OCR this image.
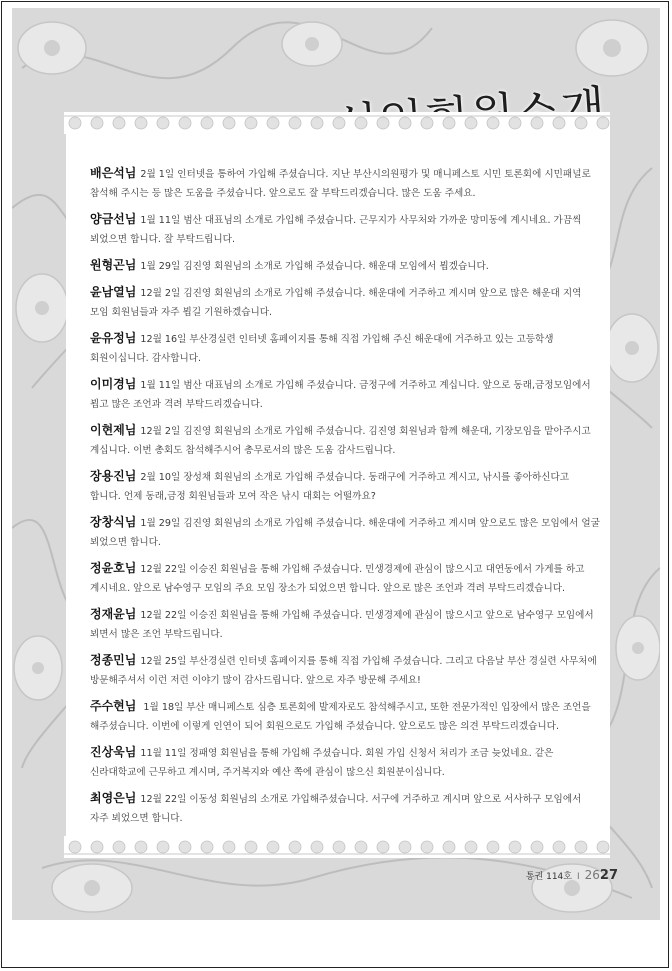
배은석님 2월 1일 인터넷을 통하여 가입해 주셨습니다. 지난 부산시의원평가 및 매니페스토 시민 토론회에 시민패널로 참석해 주시는 등 많은 도움을 주셨습니다. 앞으로도 잘 부탁드리겠습니다. 많은 도움 주세요.

양금선님 1월 11일 범산 대표님의 소개로 가입해 주셨습니다. 근무지가 사무처와 가까운 망미동에 계시네요. 가끔씩 뵈었으면 합니다. 잘 부탁드립니다.

원형곤님 1월 29일 김진영 회원님의 소개로 가입해 주셨습니다. 해운대 모임에서 뵙겠습니다.

윤남열님 12월 2일 김진영 회원님의 소개로 가입해 주셨습니다. 해운대에 거주하고 계시며 앞으로 많은 해운대 지역 모임 회원님들과 자주 뵙길 기원하겠습니다.

윤유정님 12월 16일 부산경실련 인터넷 홈페이지를 통해 직접 가입해 주신 해운대에 거주하고 있는 고등학생 회원이십니다. 감사합니다.

이미경님 1월 11일 범산 대표님의 소개로 가입해 주셨습니다. 금정구에 거주하고 계십니다. 앞으로 동래,금정모임에서 뵙고 많은 조언과 격려 부탁드리겠습니다.

이현제님 12월 2일 김진영 회원님의 소개로 가입해 주셨습니다. 김진영 회원님과 함께 해운대, 기장모임을 맡아주시고 계십니다. 이번 총회도 참석해주시어 총무로서의 많은 도움 감사드립니다.

장용진님 2월 10일 장성채 회원님의 소개로 가입해 주셨습니다. 동래구에 거주하고 계시고, 낚시를 좋아하신다고 합니다. 언제 동래,금정 회원님들과 모여 작은 낚시 대회는 어떨까요?

장창식님 1월 29일 김진영 회원님의 소개로 가입해 주셨습니다. 해운대에 거주하고 계시며 앞으로도 많은 모임에서 얼굴 뵈었으면 합니다.

정윤호님 12월 22일 이승진 회원님을 통해 가입해 주셨습니다. 민생경제에 관심이 많으시고 대연동에서 가게를 하고 계시네요. 앞으로 남수영구 모임의 주요 모임 장소가 되었으면 합니다. 앞으로 많은 조언과 격려 부탁드리겠습니다.

정재윤님 12월 22일 이승진 회원님을 통해 가입해 주셨습니다. 민생경제에 관심이 많으시고 앞으로 남수영구 모임에서 뵈면서 많은 조언 부탁드립니다.

정종민님 12월 25일 부산경실련 인터넷 홈페이지를 통해 직접 가입해 주셨습니다. 그리고 다음날 부산 경실련 사무처에 방문해주셔서 이런 저런 이야기 많이 감사드립니다. 앞으로 자주 방문해 주세요!

주수현님 1월 18일 부산 매니페스토 심층 토론회에 발제자로도 참석해주시고, 또한 전문가적인 입장에서 많은 조언을 해주셨습니다. 이번에 이렇게 인연이 되어 회원으로도 가입해 주셨습니다. 앞으로도 많은 의견 부탁드리겠습니다.

진상욱님 11월 11일 정패영 회원님을 통해 가입해 주셨습니다. 회원 가입 신청서 처리가 조금 늦었네요. 같은 신라대학교에 근무하고 계시며, 주거복지와 예산 쪽에 관심이 많으신 회원분이십니다.

최영은님 12월 22일 이동성 회원님의 소개로 가입해주셨습니다. 서구에 거주하고 계시며 앞으로 서사하구 모임에서 자주 뵈었으면 합니다.

통권 114호 I 2627
